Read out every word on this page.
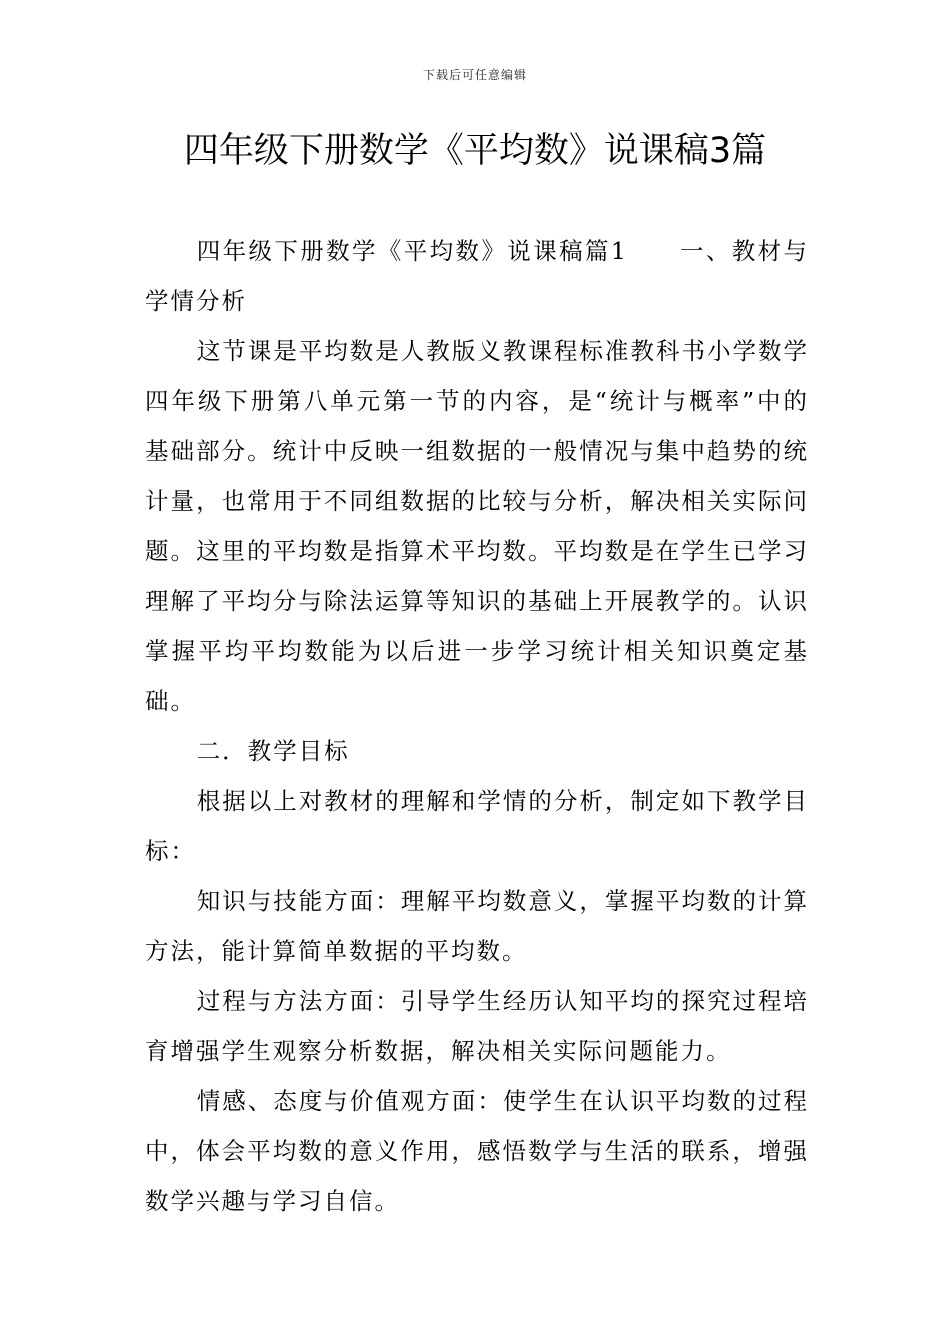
下载后可任意编辑
四年级下册数学《平均数》说课稿3篇

四年级下册数学《平均数》说课稿篇1　　一、教材与学情分析

这节课是平均数是人教版义教课程标准教科书小学数学四年级下册第八单元第一节的内容，是“统计与概率”中的基础部分。统计中反映一组数据的一般情况与集中趋势的统计量，也常用于不同组数据的比较与分析，解决相关实际问题。这里的平均数是指算术平均数。平均数是在学生已学习理解了平均分与除法运算等知识的基础上开展教学的。认识掌握平均平均数能为以后进一步学习统计相关知识奠定基础。

二．教学目标

根据以上对教材的理解和学情的分析，制定如下教学目标：

知识与技能方面：理解平均数意义，掌握平均数的计算方法，能计算简单数据的平均数。

过程与方法方面：引导学生经历认知平均的探究过程培育增强学生观察分析数据，解决相关实际问题能力。

情感、态度与价值观方面：使学生在认识平均数的过程中，体会平均数的意义作用，感悟数学与生活的联系，增强数学兴趣与学习自信。
